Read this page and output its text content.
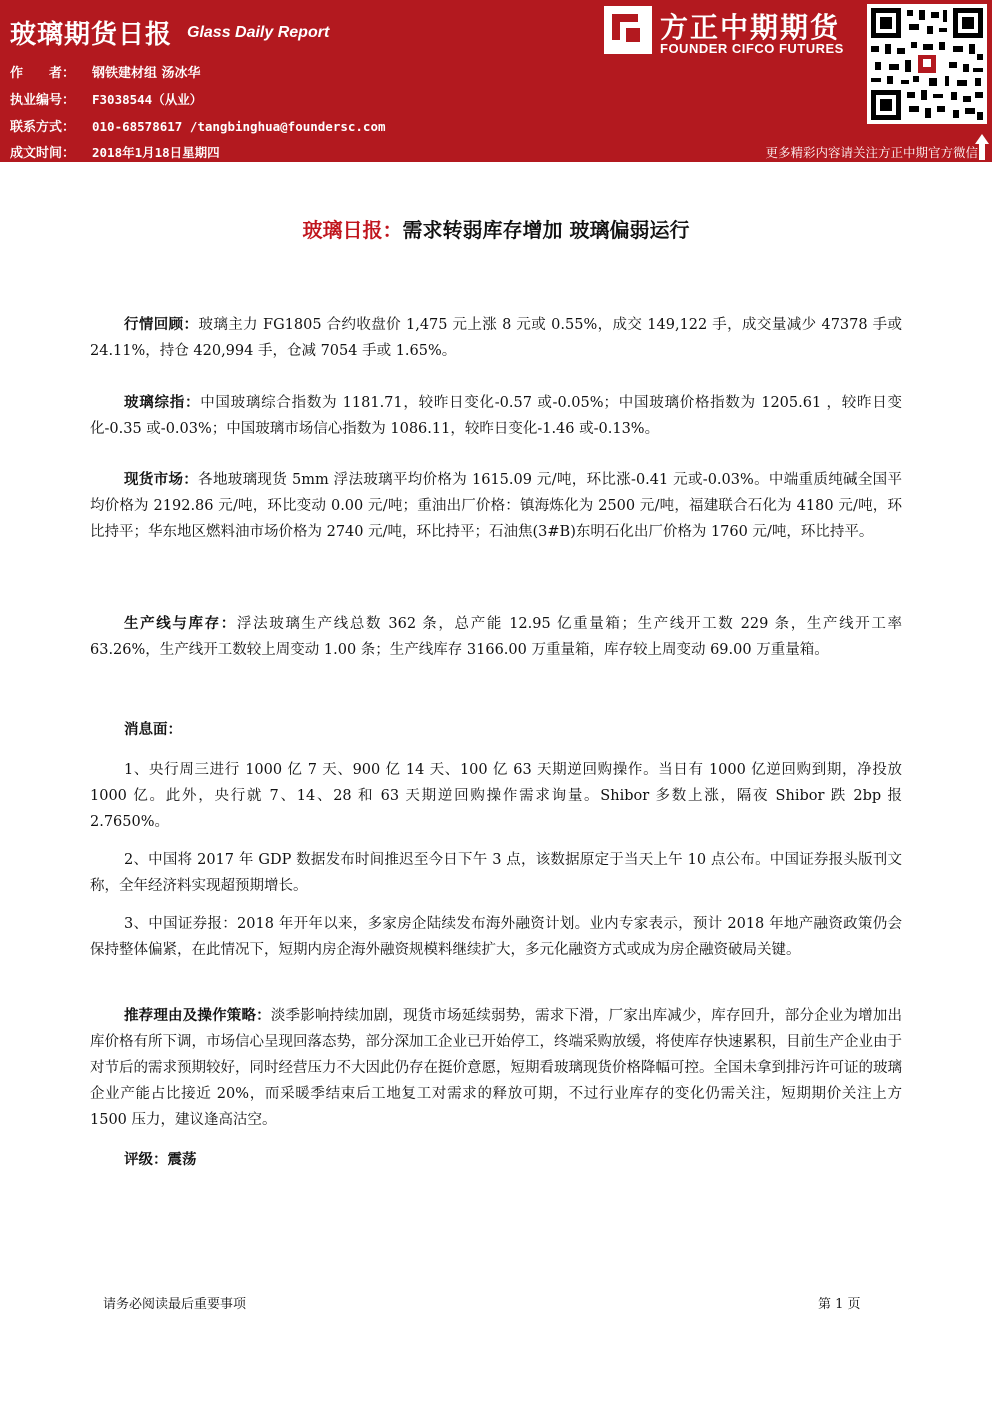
玻璃期货日报 Glass Daily Report
作　　者： 钢铁建材组 汤冰华
执业编号： F3038544（从业）
联系方式： 010-68578617 /tangbinghua@foundersc.com
成文时间： 2018年1月18日星期四
方正中期期货
FOUNDER CIFCO FUTURES
更多精彩内容请关注方正中期官方微信
玻璃日报：需求转弱库存增加 玻璃偏弱运行
行情回顾：玻璃主力 FG1805 合约收盘价 1,475 元上涨 8 元或 0.55%，成交 149,122 手，成交量减少 47378 手或 24.11%，持仓 420,994 手，仓减 7054 手或 1.65%。
玻璃综指：中国玻璃综合指数为 1181.71，较昨日变化-0.57 或-0.05%；中国玻璃价格指数为 1205.61 ，较昨日变化-0.35 或-0.03%；中国玻璃市场信心指数为 1086.11，较昨日变化-1.46 或-0.13%。
现货市场：各地玻璃现货 5mm 浮法玻璃平均价格为 1615.09 元/吨，环比涨-0.41 元或-0.03%。中端重质纯碱全国平均价格为 2192.86 元/吨，环比变动 0.00 元/吨；重油出厂价格：镇海炼化为 2500 元/吨，福建联合石化为 4180 元/吨，环比持平；华东地区燃料油市场价格为 2740 元/吨，环比持平；石油焦(3#B)东明石化出厂价格为 1760 元/吨，环比持平。
生产线与库存：浮法玻璃生产线总数 362 条，总产能 12.95 亿重量箱；生产线开工数 229 条，生产线开工率 63.26%，生产线开工数较上周变动 1.00 条；生产线库存 3166.00 万重量箱，库存较上周变动 69.00 万重量箱。
消息面：
1、央行周三进行 1000 亿 7 天、900 亿 14 天、100 亿 63 天期逆回购操作。当日有 1000 亿逆回购到期，净投放 1000 亿。此外，央行就 7、14、28 和 63 天期逆回购操作需求询量。Shibor 多数上涨，隔夜 Shibor 跌 2bp 报 2.7650%。
2、中国将 2017 年 GDP 数据发布时间推迟至今日下午 3 点，该数据原定于当天上午 10 点公布。中国证券报头版刊文称，全年经济料实现超预期增长。
3、中国证券报：2018 年开年以来，多家房企陆续发布海外融资计划。业内专家表示，预计 2018 年地产融资政策仍会保持整体偏紧，在此情况下，短期内房企海外融资规模料继续扩大，多元化融资方式或成为房企融资破局关键。
推荐理由及操作策略：淡季影响持续加剧，现货市场延续弱势，需求下滑，厂家出库减少，库存回升，部分企业为增加出库价格有所下调，市场信心呈现回落态势，部分深加工企业已开始停工，终端采购放缓，将使库存快速累积，目前生产企业由于对节后的需求预期较好，同时经营压力不大因此仍存在挺价意愿，短期看玻璃现货价格降幅可控。全国未拿到排污许可证的玻璃企业产能占比接近 20%，而采暖季结束后工地复工对需求的释放可期，不过行业库存的变化仍需关注，短期期价关注上方 1500 压力，建议逢高沽空。
评级：震荡
请务必阅读最后重要事项	第 1 页
